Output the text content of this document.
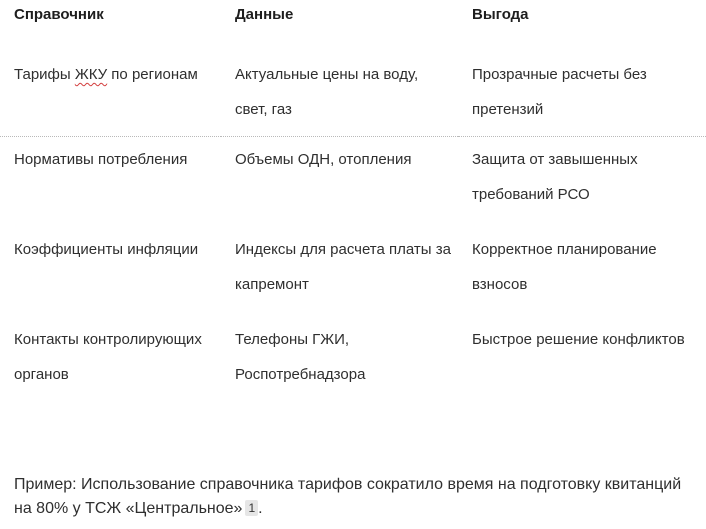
Справочник	Данные	Выгода
Тарифы ЖКУ по регионам	Актуальные цены на воду, свет, газ	Прозрачные расчеты без претензий
Нормативы потребления	Объемы ОДН, отопления	Защита от завышенных требований РСО
Коэффициенты инфляции	Индексы для расчета платы за капремонт	Корректное планирование взносов
Контакты контролирующих органов	Телефоны ГЖИ, Роспотребнадзора	Быстрое решение конфликтов

Пример: Использование справочника тарифов сократило время на подготовку квитанций на 80% у ТСЖ «Центральное» 1 .
